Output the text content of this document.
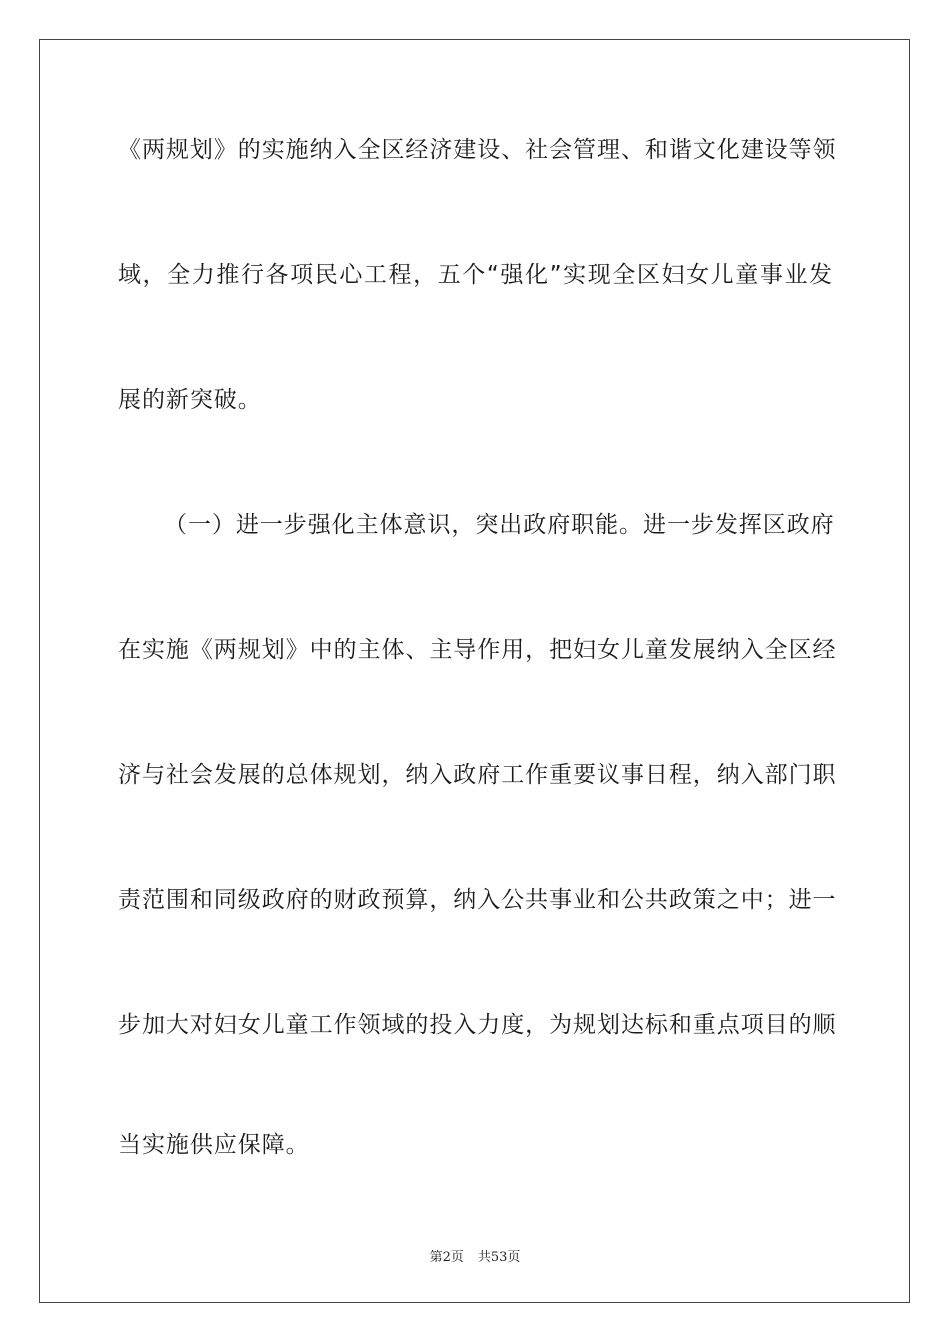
《两规划》的实施纳入全区经济建设、社会管理、和谐文化建设等领
域，全力推行各项民心工程，五个“强化”实现全区妇女儿童事业发
展的新突破。
（一）进一步强化主体意识，突出政府职能。进一步发挥区政府
在实施《两规划》中的主体、主导作用，把妇女儿童发展纳入全区经
济与社会发展的总体规划，纳入政府工作重要议事日程，纳入部门职
责范围和同级政府的财政预算，纳入公共事业和公共政策之中；进一
步加大对妇女儿童工作领域的投入力度，为规划达标和重点项目的顺
当实施供应保障。
第2页 共53页
